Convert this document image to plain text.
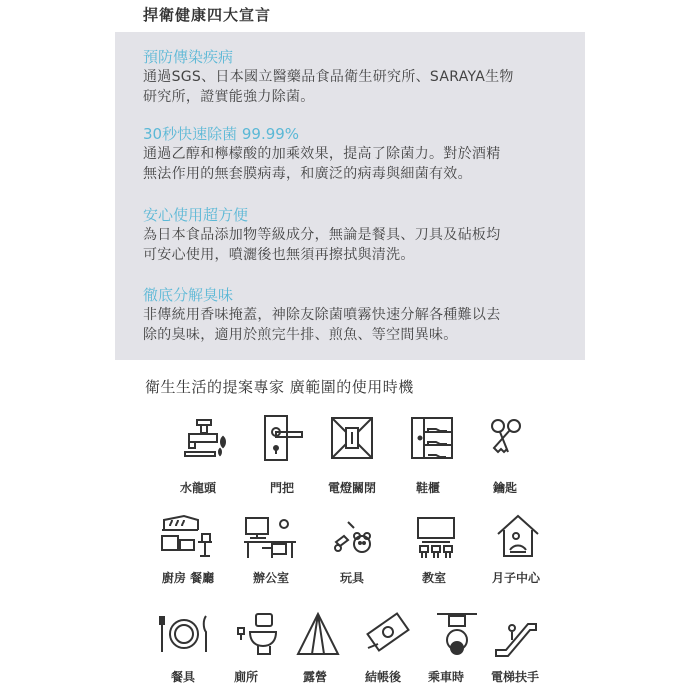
捍衛健康四大宣言
預防傳染疾病

通過SGS、日本國立醫藥品食品衛生研究所、SARAYA生物

研究所，證實能強力除菌。

30秒快速除菌 99.99%

通過乙醇和檸檬酸的加乘效果，提高了除菌力。對於酒精

無法作用的無套膜病毒，和廣泛的病毒與細菌有效。

安心使用超方便

為日本食品添加物等級成分，無論是餐具、刀具及砧板均

可安心使用，噴灑後也無須再擦拭與清洗。

徹底分解臭味

非傳統用香味掩蓋，神除友除菌噴霧快速分解各種難以去

除的臭味，適用於煎完牛排、煎魚、等空間異味。

衛生生活的提案專家 廣範圍的使用時機
水龍頭	門把	電燈關閉	鞋櫃	鑰匙
廚房 餐廳	辦公室	玩具	教室	月子中心
餐具	廁所	露營	結帳後 乘車時 電梯扶手
